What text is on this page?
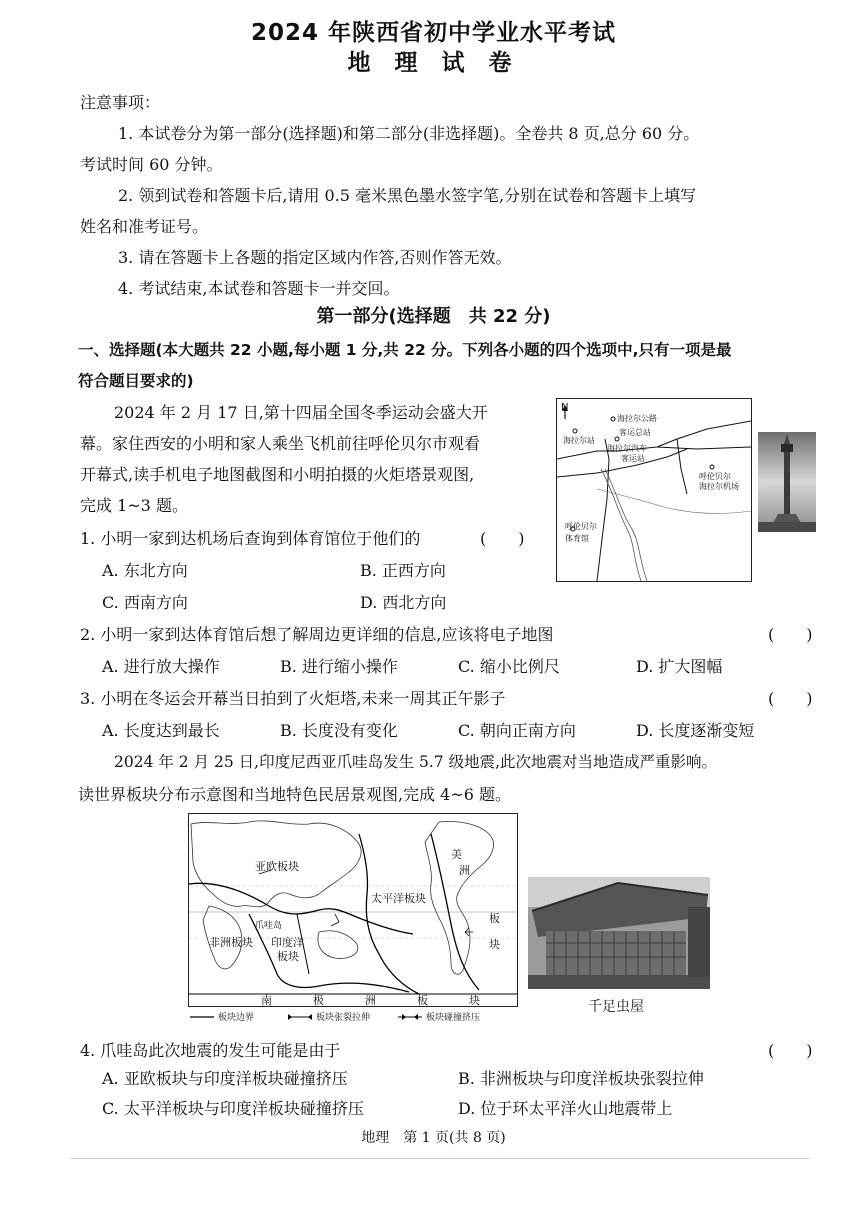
2024 年陕西省初中学业水平考试
地 理 试 卷
注意事项：
1. 本试卷分为第一部分(选择题)和第二部分(非选择题)。全卷共 8 页,总分 60 分。
考试时间 60 分钟。
2. 领到试卷和答题卡后,请用 0.5 毫米黑色墨水签字笔,分别在试卷和答题卡上填写
姓名和准考证号。
3. 请在答题卡上各题的指定区域内作答,否则作答无效。
4. 考试结束,本试卷和答题卡一并交回。
第一部分(选择题　共 22 分)
一、选择题(本大题共 22 小题,每小题 1 分,共 22 分。下列各小题的四个选项中,只有一项是最
符合题目要求的)
2024 年 2 月 17 日,第十四届全国冬季运动会盛大开
幕。家住西安的小明和家人乘坐飞机前往呼伦贝尔市观看
开幕式,读手机电子地图截图和小明拍摄的火炬塔景观图,
完成 1~3 题。
N
海拉尔站
海拉尔公路
客运总站
海拉尔汽车
客运站
呼伦贝尔
海拉尔机场
呼伦贝尔
体育馆
1. 小明一家到达机场后查询到体育馆位于他们的	(　　)
A. 东北方向	B. 正西方向
C. 西南方向	D. 西北方向
2. 小明一家到达体育馆后想了解周边更详细的信息,应该将电子地图	(　　)
A. 进行放大操作	B. 进行缩小操作	C. 缩小比例尺	D. 扩大图幅
3. 小明在冬运会开幕当日拍到了火炬塔,未来一周其正午影子	(　　)
A. 长度达到最长	B. 长度没有变化	C. 朝向正南方向	D. 长度逐渐变短
2024 年 2 月 25 日,印度尼西亚爪哇岛发生 5.7 级地震,此次地震对当地造成严重影响。
读世界板块分布示意图和当地特色民居景观图,完成 4~6 题。
亚欧板块
太平洋板块
非洲板块 印度洋
板块
爪哇岛
美
洲
板
块
南	极	洲	板	块
板块边界	板块张裂拉伸	板块碰撞挤压
千足虫屋
4. 爪哇岛此次地震的发生可能是由于	(　　)
A. 亚欧板块与印度洋板块碰撞挤压	B. 非洲板块与印度洋板块张裂拉伸
C. 太平洋板块与印度洋板块碰撞挤压	D. 位于环太平洋火山地震带上
地理　第 1 页(共 8 页)
